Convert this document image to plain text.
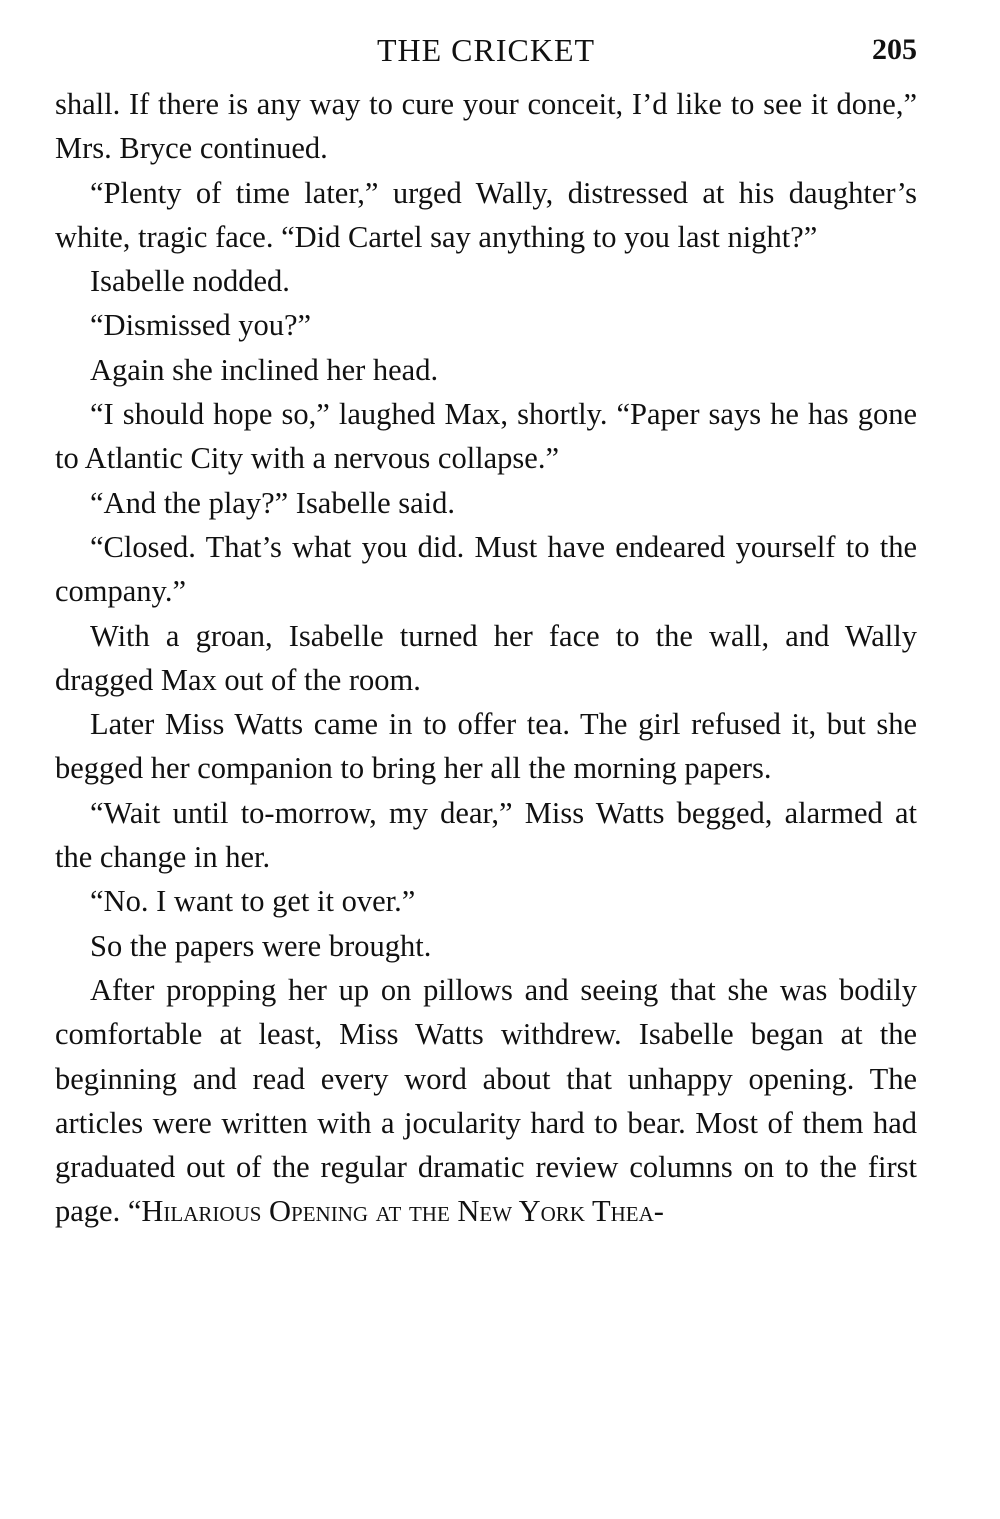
THE CRICKET	205

shall. If there is any way to cure your conceit, I’d like to see it done,” Mrs. Bryce continued.

“Plenty of time later,” urged Wally, distressed at his daughter’s white, tragic face. “Did Cartel say anything to you last night?”

Isabelle nodded.

“Dismissed you?”

Again she inclined her head.

“I should hope so,” laughed Max, shortly. “Paper says he has gone to Atlantic City with a nervous collapse.”

“And the play?” Isabelle said.

“Closed. That’s what you did. Must have endeared yourself to the company.”

With a groan, Isabelle turned her face to the wall, and Wally dragged Max out of the room.

Later Miss Watts came in to offer tea. The girl refused it, but she begged her companion to bring her all the morning papers.

“Wait until to-morrow, my dear,” Miss Watts begged, alarmed at the change in her.

“No. I want to get it over.”

So the papers were brought.

After propping her up on pillows and seeing that she was bodily comfortable at least, Miss Watts withdrew. Isabelle began at the beginning and read every word about that unhappy opening. The articles were written with a jocularity hard to bear. Most of them had graduated out of the regular dramatic review columns on to the first page. “Hilarious Opening at the New York Thea-
